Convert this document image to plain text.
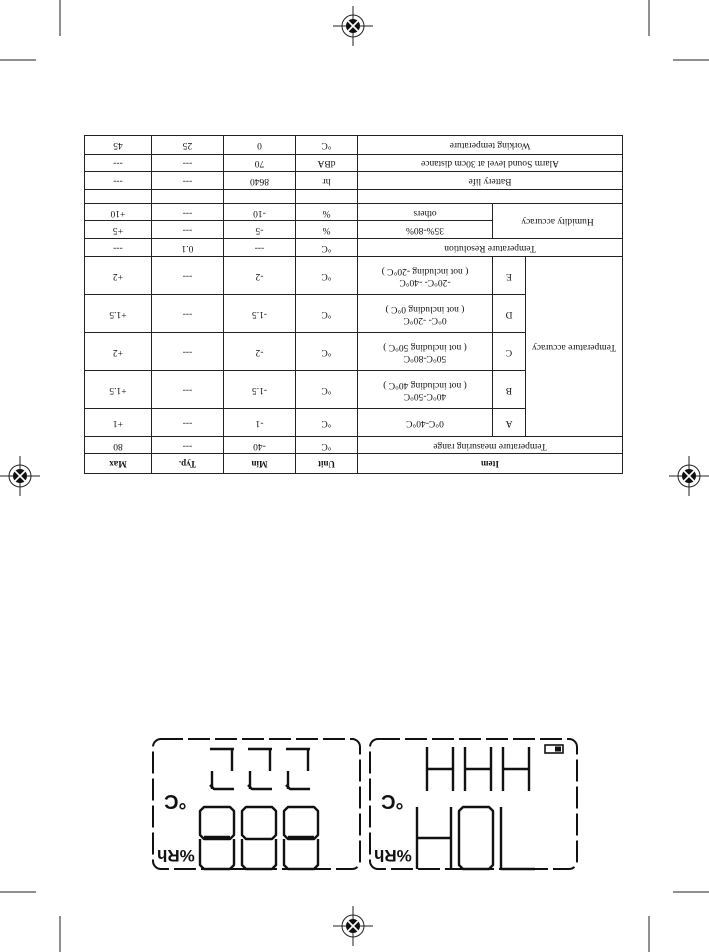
Item			Unit	Min	Typ.	Max
Temperature measuring range			°C	-40	---	80
Temperature accuracy	A	0°C-40°C	°C	-1	---	+1
	B	40°C-50°C
( not including 40°C )	°C	-1.5	---	+1.5
	C	50°C-80°C
( not including 50°C )	°C	-2	---	+2
	D	0°C- -20°C
( not including 0°C )	°C	-1.5	---	+1.5
	E	-20°C- -40°C
( not including -20°C )	°C	-2	---	+2
Temperature Resolution			°C	---	0.1	---
Humidity accuracy		35%-80%	%	-5	---	+5
		others	%	-10	---	+10

Battery life			hr	8640	---	---
Alarm Sound level at 30cm distance			dBA	70	---	---
Working temperature			°C	0	25	45
°C
%Rh
°C
%Rh
